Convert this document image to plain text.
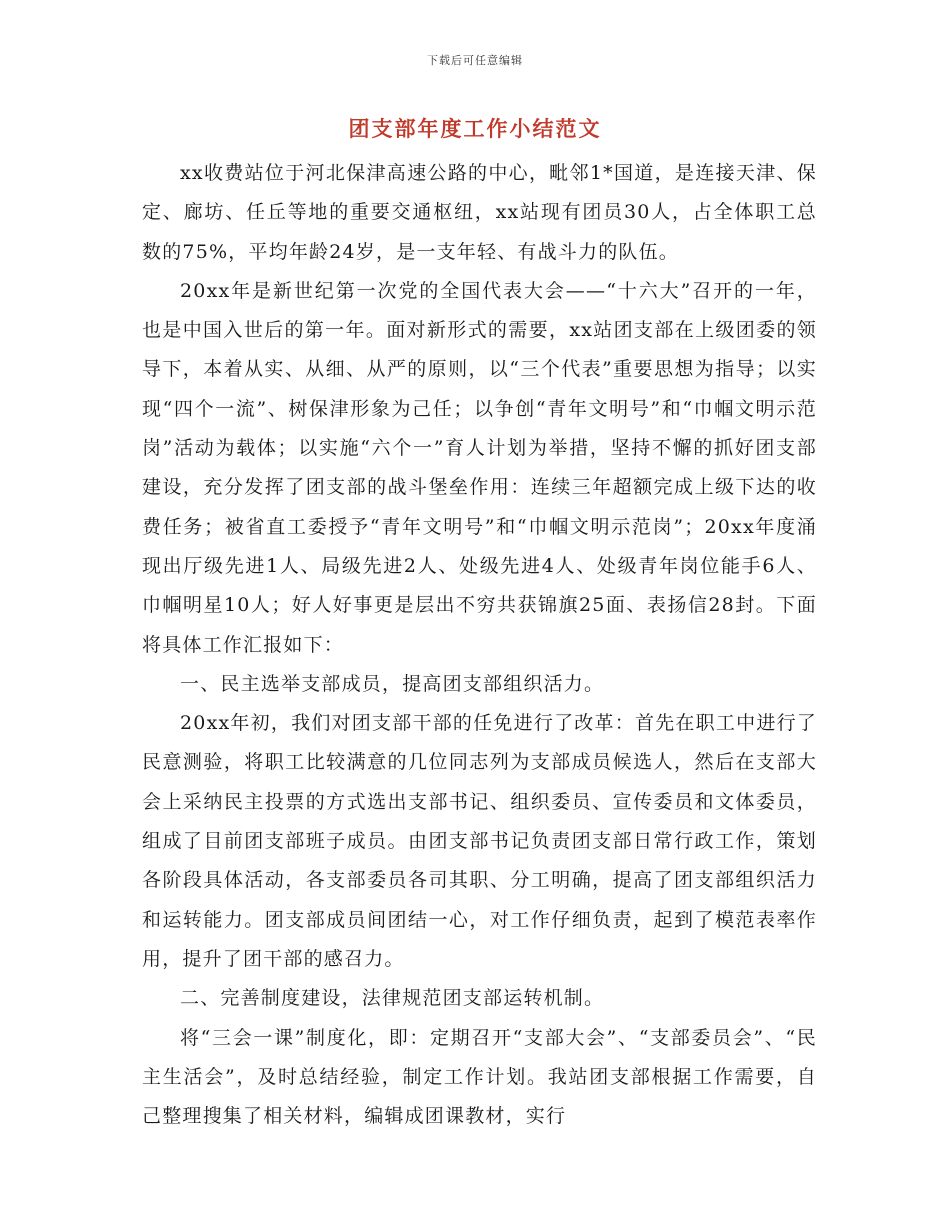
下载后可任意编辑
团支部年度工作小结范文

xx收费站位于河北保津高速公路的中心，毗邻1*国道，是连接天津、保定、廊坊、任丘等地的重要交通枢纽，xx站现有团员30人，占全体职工总数的75%，平均年龄24岁，是一支年轻、有战斗力的队伍。

20xx年是新世纪第一次党的全国代表大会——“十六大”召开的一年，也是中国入世后的第一年。面对新形式的需要，xx站团支部在上级团委的领导下，本着从实、从细、从严的原则，以“三个代表”重要思想为指导；以实现“四个一流”、树保津形象为己任；以争创“青年文明号”和“巾帼文明示范岗”活动为载体；以实施“六个一”育人计划为举措，坚持不懈的抓好团支部建设，充分发挥了团支部的战斗堡垒作用：连续三年超额完成上级下达的收费任务；被省直工委授予“青年文明号”和“巾帼文明示范岗”；20xx年度涌现出厅级先进1人、局级先进2人、处级先进4人、处级青年岗位能手6人、巾帼明星10人；好人好事更是层出不穷共获锦旗25面、表扬信28封。下面将具体工作汇报如下：

一、民主选举支部成员，提高团支部组织活力。

20xx年初，我们对团支部干部的任免进行了改革：首先在职工中进行了民意测验，将职工比较满意的几位同志列为支部成员候选人，然后在支部大会上采纳民主投票的方式选出支部书记、组织委员、宣传委员和文体委员，组成了目前团支部班子成员。由团支部书记负责团支部日常行政工作，策划各阶段具体活动，各支部委员各司其职、分工明确，提高了团支部组织活力和运转能力。团支部成员间团结一心，对工作仔细负责，起到了模范表率作用，提升了团干部的感召力。

二、完善制度建设，法律规范团支部运转机制。

将“三会一课”制度化，即：定期召开“支部大会”、“支部委员会”、“民主生活会”，及时总结经验，制定工作计划。我站团支部根据工作需要，自己整理搜集了相关材料，编辑成团课教材，实行
